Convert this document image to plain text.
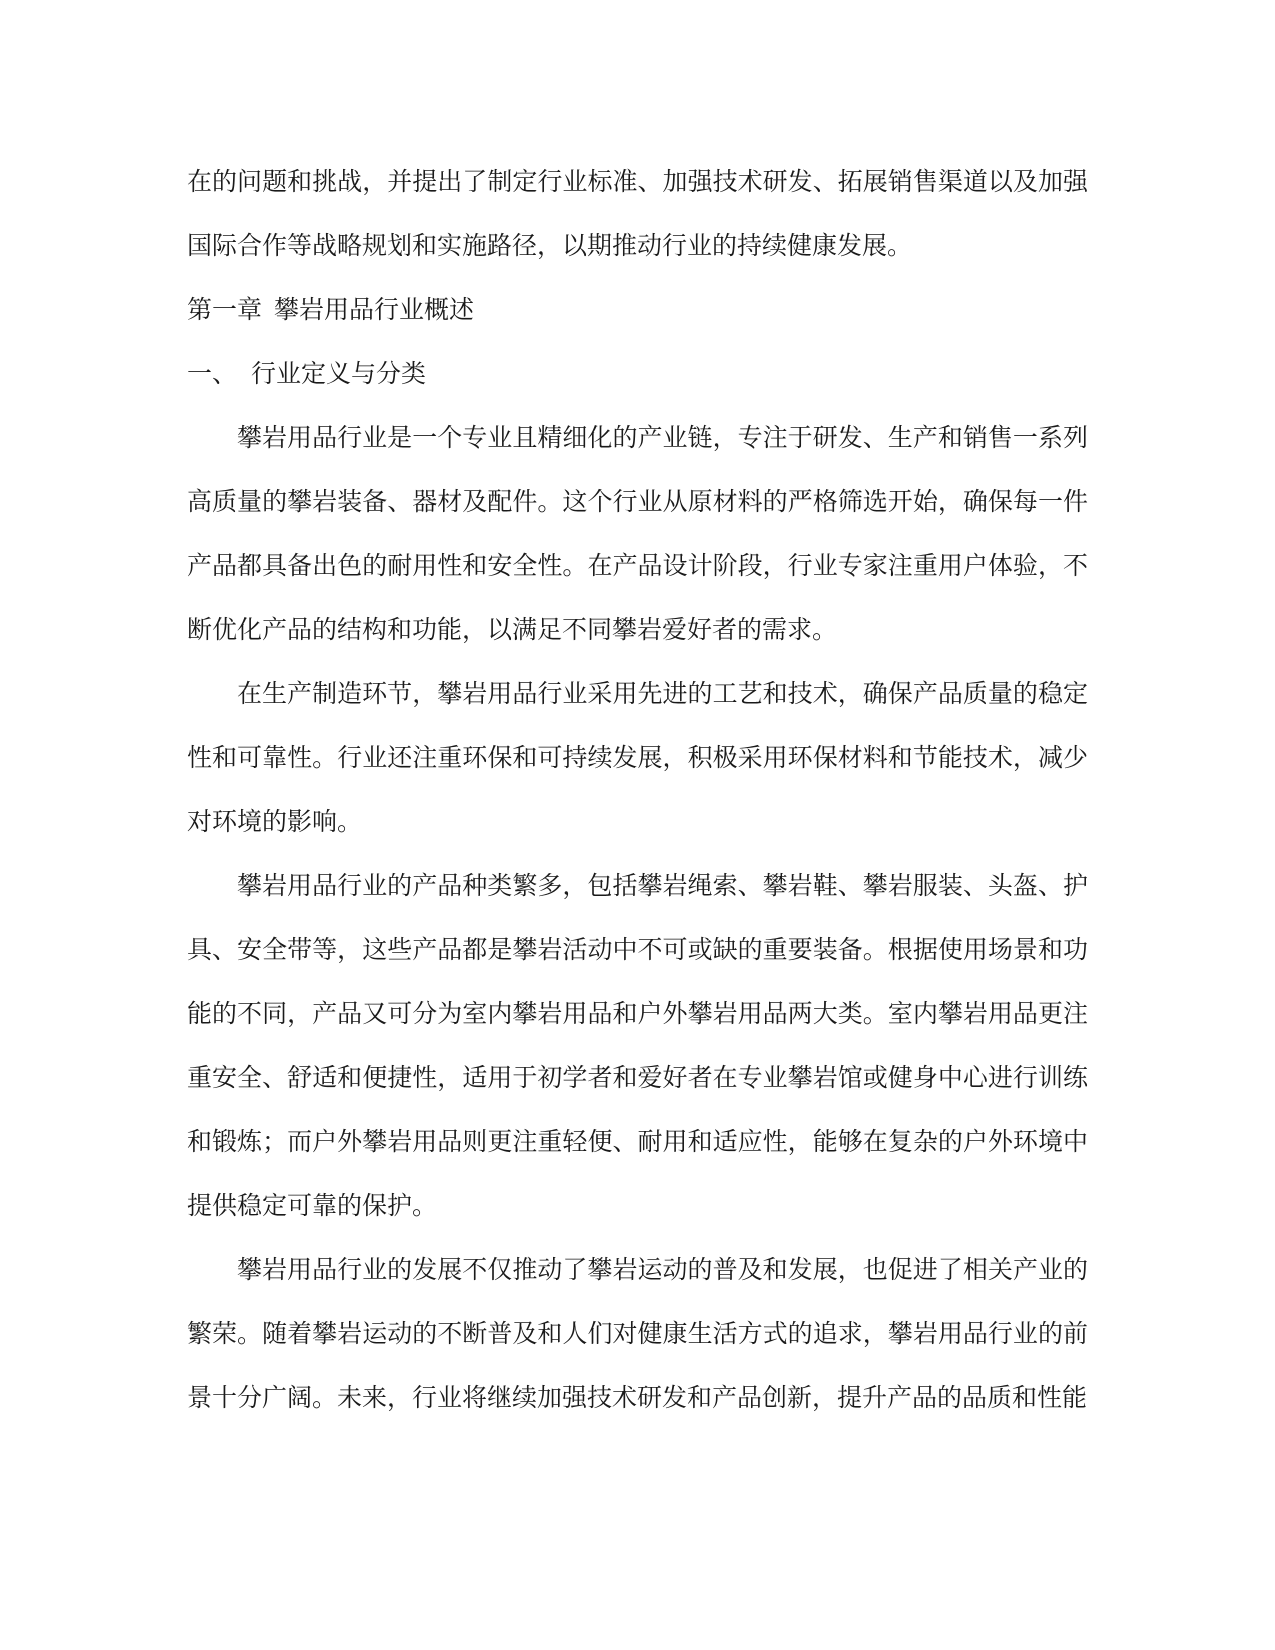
在的问题和挑战，并提出了制定行业标准、加强技术研发、拓展销售渠道以及加强国际合作等战略规划和实施路径，以期推动行业的持续健康发展。

第一章 攀岩用品行业概述

一、 行业定义与分类

攀岩用品行业是一个专业且精细化的产业链，专注于研发、生产和销售一系列高质量的攀岩装备、器材及配件。这个行业从原材料的严格筛选开始，确保每一件产品都具备出色的耐用性和安全性。在产品设计阶段，行业专家注重用户体验，不断优化产品的结构和功能，以满足不同攀岩爱好者的需求。

在生产制造环节，攀岩用品行业采用先进的工艺和技术，确保产品质量的稳定性和可靠性。行业还注重环保和可持续发展，积极采用环保材料和节能技术，减少对环境的影响。

攀岩用品行业的产品种类繁多，包括攀岩绳索、攀岩鞋、攀岩服装、头盔、护具、安全带等，这些产品都是攀岩活动中不可或缺的重要装备。根据使用场景和功能的不同，产品又可分为室内攀岩用品和户外攀岩用品两大类。室内攀岩用品更注重安全、舒适和便捷性，适用于初学者和爱好者在专业攀岩馆或健身中心进行训练和锻炼；而户外攀岩用品则更注重轻便、耐用和适应性，能够在复杂的户外环境中提供稳定可靠的保护。

攀岩用品行业的发展不仅推动了攀岩运动的普及和发展，也促进了相关产业的繁荣。随着攀岩运动的不断普及和人们对健康生活方式的追求，攀岩用品行业的前景十分广阔。未来，行业将继续加强技术研发和产品创新，提升产品的品质和性能
